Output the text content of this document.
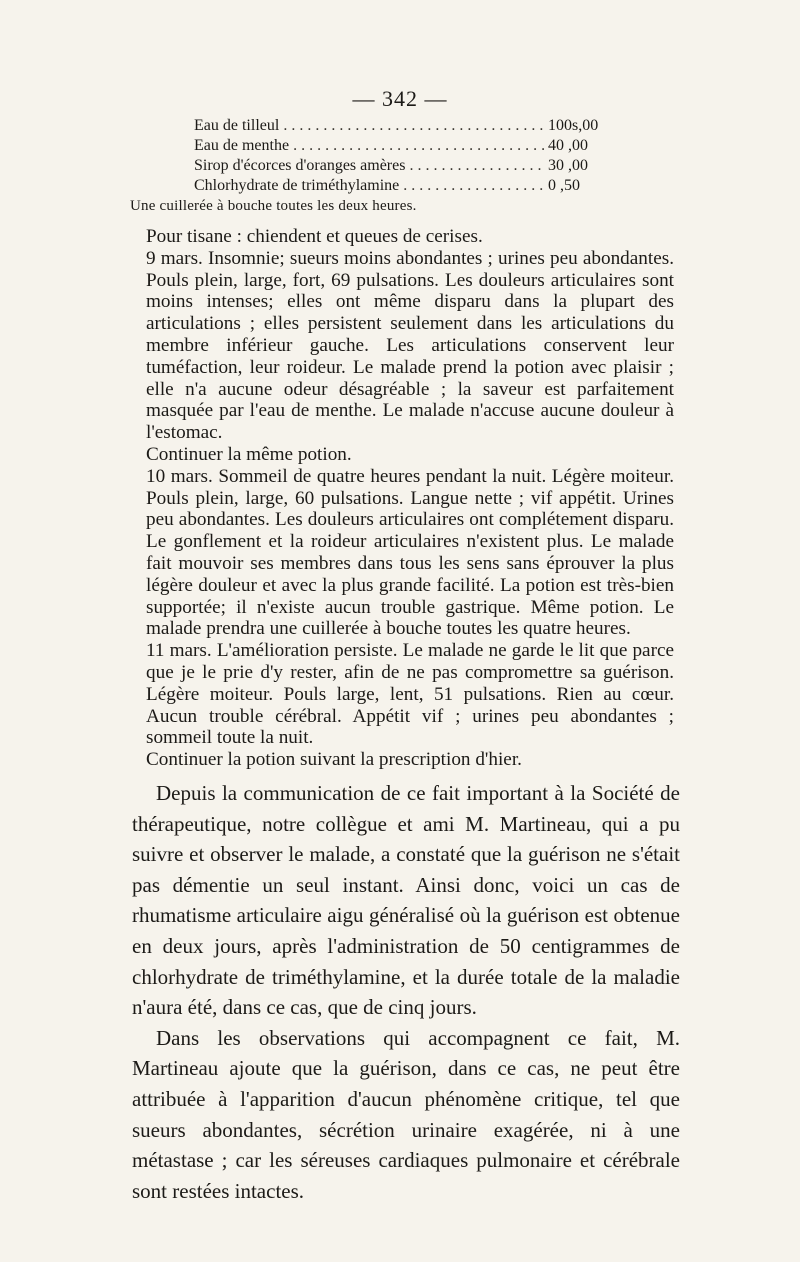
— 342 —
Eau de tilleul .....	100s,00
Eau de menthe .....	40 ,00
Sirop d'écorces d'oranges amères .....	30 ,00
Chlorhydrate de triméthylamine .....	0 ,50
Une cuillerée à bouche toutes les deux heures.

Pour tisane : chiendent et queues de cerises.

9 mars. Insomnie; sueurs moins abondantes ; urines peu abondantes. Pouls plein, large, fort, 69 pulsations. Les douleurs articulaires sont moins intenses; elles ont même disparu dans la plupart des articulations ; elles persistent seulement dans les articulations du membre inférieur gauche. Les articulations conservent leur tuméfaction, leur roideur. Le malade prend la potion avec plaisir ; elle n'a aucune odeur désagréable ; la saveur est parfaitement masquée par l'eau de menthe. Le malade n'accuse aucune douleur à l'estomac.

Continuer la même potion.

10 mars. Sommeil de quatre heures pendant la nuit. Légère moiteur. Pouls plein, large, 60 pulsations. Langue nette ; vif appétit. Urines peu abondantes. Les douleurs articulaires ont complétement disparu. Le gonflement et la roideur articulaires n'existent plus. Le malade fait mouvoir ses membres dans tous les sens sans éprouver la plus légère douleur et avec la plus grande facilité. La potion est très-bien supportée; il n'existe aucun trouble gastrique. Même potion. Le malade prendra une cuillerée à bouche toutes les quatre heures.

11 mars. L'amélioration persiste. Le malade ne garde le lit que parce que je le prie d'y rester, afin de ne pas compromettre sa guérison. Légère moiteur. Pouls large, lent, 51 pulsations. Rien au cœur. Aucun trouble cérébral. Appétit vif ; urines peu abondantes ; sommeil toute la nuit.

Continuer la potion suivant la prescription d'hier.

Depuis la communication de ce fait important à la Société de thérapeutique, notre collègue et ami M. Martineau, qui a pu suivre et observer le malade, a constaté que la guérison ne s'était pas démentie un seul instant. Ainsi donc, voici un cas de rhumatisme articulaire aigu généralisé où la guérison est obtenue en deux jours, après l'administration de 50 centigrammes de chlorhydrate de triméthylamine, et la durée totale de la maladie n'aura été, dans ce cas, que de cinq jours.

Dans les observations qui accompagnent ce fait, M. Martineau ajoute que la guérison, dans ce cas, ne peut être attribuée à l'apparition d'aucun phénomène critique, tel que sueurs abondantes, sécrétion urinaire exagérée, ni à une métastase ; car les séreuses cardiaques pulmonaire et cérébrale sont restées intactes.
